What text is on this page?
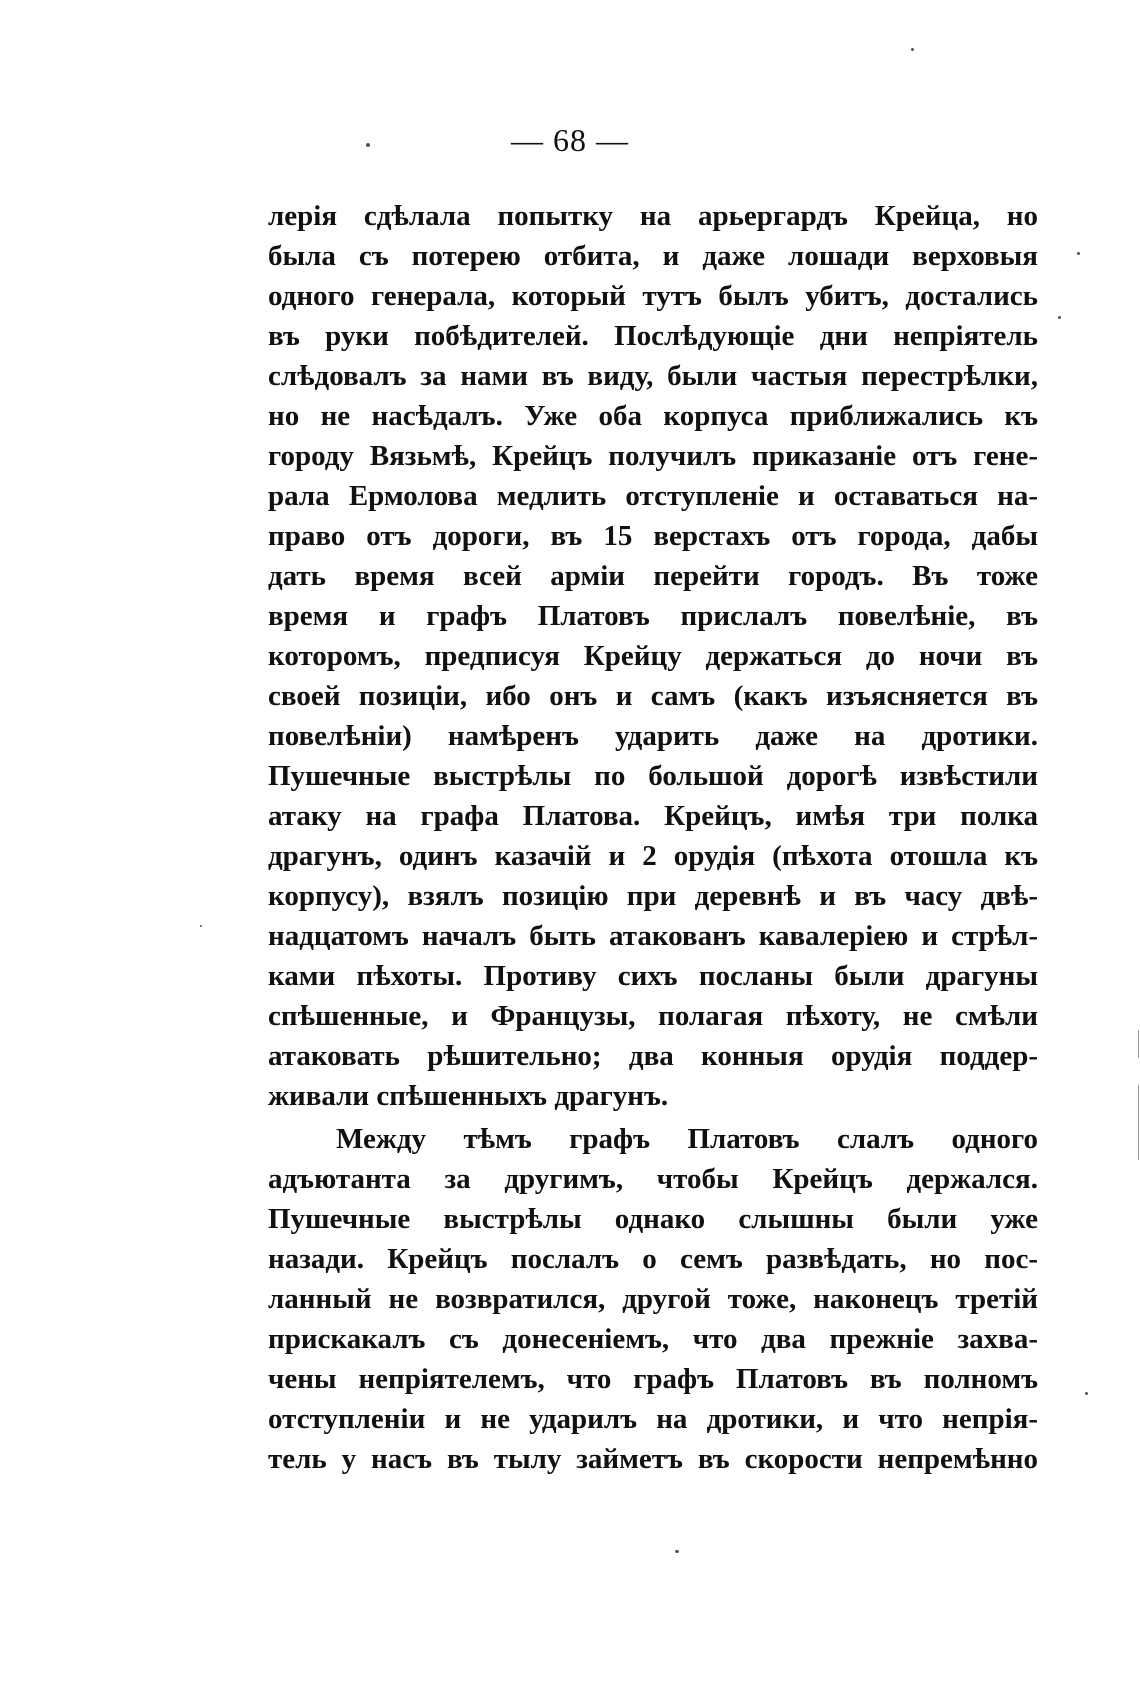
— 68 —
лерія сдѣлала попытку на арьергардъ Крейца, но
была съ потерею отбита, и даже лошади верховыя
одного генерала, который тутъ былъ убитъ, достались
въ руки побѣдителей. Послѣдующіе дни непріятель
слѣдовалъ за нами въ виду, были частыя перестрѣлки,
но не насѣдалъ. Уже оба корпуса приближались къ
городу Вязьмѣ, Крейцъ получилъ приказаніе отъ гене-
рала Ермолова медлить отступленіе и оставаться на-
право отъ дороги, въ 15 верстахъ отъ города, дабы
дать время всей арміи перейти городъ. Въ тоже
время и графъ Платовъ прислалъ повелѣніе, въ
которомъ, предписуя Крейцу держаться до ночи въ
своей позиціи, ибо онъ и самъ (какъ изъясняется въ
повелѣніи) намѣренъ ударить даже на дротики.
Пушечные выстрѣлы по большой дорогѣ извѣстили
атаку на графа Платова. Крейцъ, имѣя три полка
драгунъ, одинъ казачій и 2 орудія (пѣхота отошла къ
корпусу), взялъ позицію при деревнѣ и въ часу двѣ-
надцатомъ началъ быть атакованъ кавалеріею и стрѣл-
ками пѣхоты. Противу сихъ посланы были драгуны
спѣшенные, и Французы, полагая пѣхоту, не смѣли
атаковать рѣшительно; два конныя орудія поддер-
живали спѣшенныхъ драгунъ.
Между тѣмъ графъ Платовъ слалъ одного
адъютанта за другимъ, чтобы Крейцъ держался.
Пушечные выстрѣлы однако слышны были уже
назади. Крейцъ послалъ о семъ развѣдать, но пос-
ланный не возвратился, другой тоже, наконецъ третій
прискакалъ съ донесеніемъ, что два прежніе захва-
чены непріятелемъ, что графъ Платовъ въ полномъ
отступленіи и не ударилъ на дротики, и что непрія-
тель у насъ въ тылу займетъ въ скорости непремѣнно
